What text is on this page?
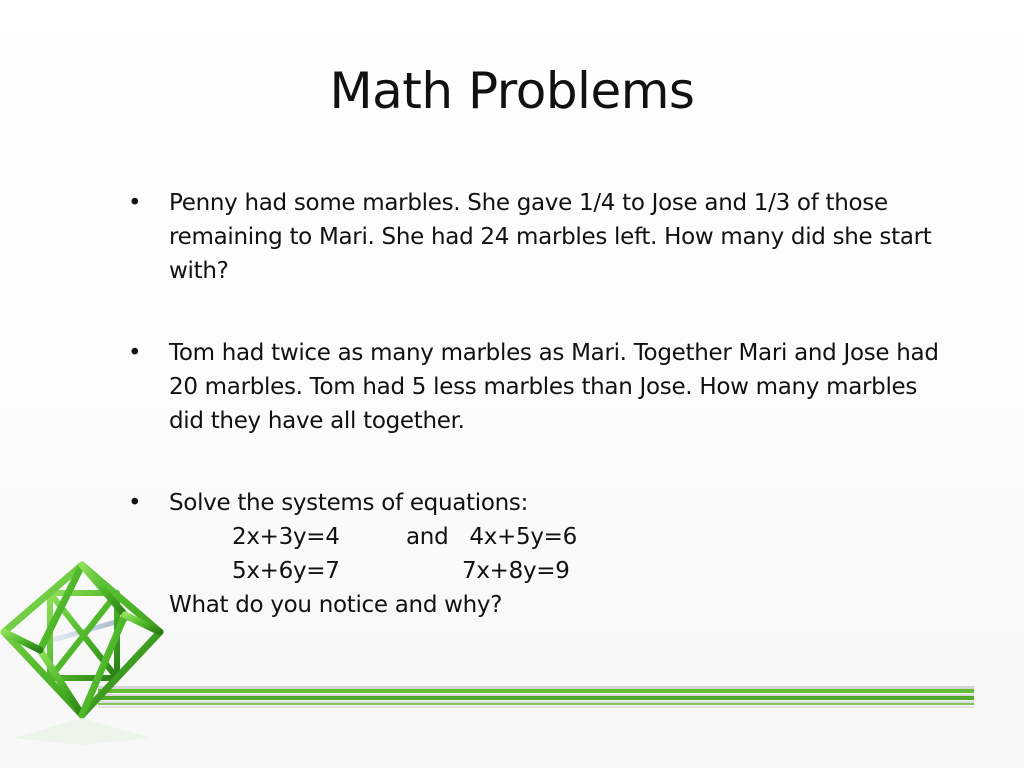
Math Problems
• Penny had some marbles. She gave 1/4 to Jose and 1/3 of those remaining to Mari. She had 24 marbles left. How many did she start with?
• Tom had twice as many marbles as Mari. Together Mari and Jose had 20 marbles. Tom had 5 less marbles than Jose. How many marbles did they have all together.
• Solve the systems of equations:
2x+3y=4	and 4x+5y=6
5x+6y=7	7x+8y=9
What do you notice and why?
